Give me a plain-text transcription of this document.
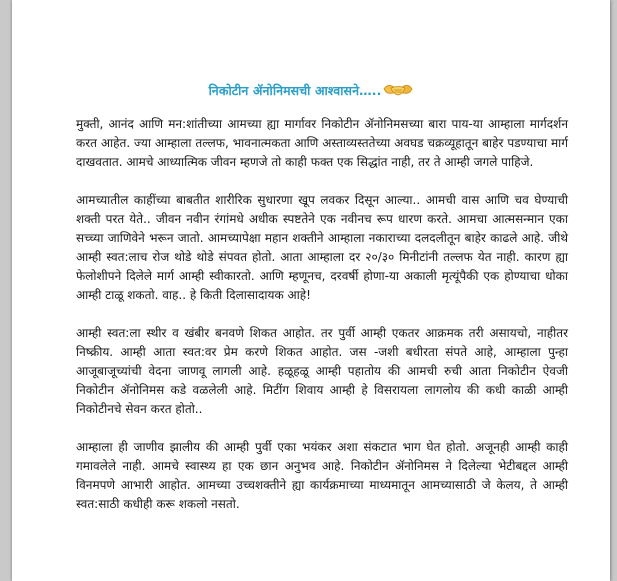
निकोटीन ॲनोनिमसची आश्वासने…..

मुक्ती, आनंद आणि मन:शांतीच्या आमच्या ह्या मार्गावर निकोटीन ॲनोनिमसच्या बारा पाय-या आम्हाला मार्गदर्शन करत आहेत. ज्या आम्हाला तल्लफ, भावनात्मकता आणि अस्ताव्यस्ततेच्या अवघड चक्रव्यूहातून बाहेर पडण्याचा मार्ग दाखवतात. आमचे आध्यात्मिक जीवन म्हणजे तो काही फक्त एक सिद्धांत नाही, तर ते आम्ही जगले पाहिजे.

आमच्यातील काहींच्या बाबतीत शारीरिक सुधारणा खूप लवकर दिसून आल्या.. आमची वास आणि चव घेण्याची शक्ती परत येते.. जीवन नवीन रंगांमधे अधीक स्पष्टतेने एक नवीनच रूप धारण करते. आमचा आत्मसन्मान एका सच्च्या जाणिवेने भरून जातो. आमच्यापेक्षा महान शक्तीने आम्हाला नकाराच्या दलदलीतून बाहेर काढले आहे. जीथे आम्ही स्वत:लाच रोज थोडे थोडे संपवत होतो. आता आम्हाला दर २०/३० मिनीटांनी तल्लफ येत नाही. कारण ह्या फेलोशीपने दिलेले मार्ग आम्ही स्वीकारतो. आणि म्हणूनच, दरवर्षी होणा-या अकाली मृत्यूंपैकी एक होण्याचा धोका आम्ही टाळू शकतो. वाह.. हे किती दिलासादायक आहे!

आम्ही स्वत:ला स्थीर व खंबीर बनवणे शिकत आहोत. तर पुर्वी आम्ही एकतर आक्रमक तरी असायचो, नाहीतर निष्क्रीय. आम्ही आता स्वत:वर प्रेम करणे शिकत आहोत. जस -जशी बधीरता संपते आहे, आम्हाला पुन्हा आजूबाजूच्यांची वेदना जाणवू लागली आहे. हळूहळू आम्ही पहातोय की आमची रुची आता निकोटीन ऐवजी निकोटीन ॲनोनिमस कडे वळलेली आहे. मिटींग शिवाय आम्ही हे विसरायला लागलोय की कधी काळी आम्ही निकोटीनचे सेवन करत होतो..

आम्हाला ही जाणीव झालीय की आम्ही पुर्वी एका भयंकर अशा संकटात भाग घेत होतो. अजूनही आम्ही काही गमावलेले नाही. आमचे स्वास्थ्य हा एक छान अनुभव आहे. निकोटीन ॲनोनिमस ने दिलेल्या भेटीबद्दल आम्ही विनमपणे आभारी आहोत. आमच्या उच्चशक्तीने ह्या कार्यक्रमाच्या माध्यमातून आमच्यासाठी जे केलय, ते आम्ही स्वत:साठी कधीही करू शकलो नसतो.
